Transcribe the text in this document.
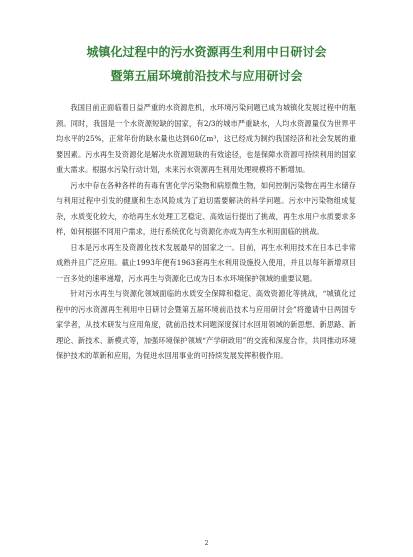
城镇化过程中的污水资源再生利用中日研讨会
暨第五届环境前沿技术与应用研讨会

我国目前正面临着日益严重的水资源危机，水环境污染问题已成为城镇化发展过程中的瓶颈。同时，我国是一个水资源短缺的国家，有2/3的城市严重缺水，人均水资源量仅为世界平均水平的25%，正常年份的缺水量也达到60亿m³，这已经成为制约我国经济和社会发展的重要因素。污水再生及资源化是解决水资源短缺的有效途径，也是保障水资源可持续利用的国家重大需求。根据水污染行动计划，未来污水资源再生利用处理规模将不断增加。

污水中存在各种各样的有毒有害化学污染物和病原微生物，如何控制污染物在再生水储存与利用过程中引发的健康和生态风险成为了迫切需要解决的科学问题。污水中污染物组成复杂，水质变化较大，亦给再生水处理工艺稳定、高效运行提出了挑战，再生水用户水质要求多样，如何根据不同用户需求，进行系统优化与资源化亦成为再生水利用面临的挑战。

日本是污水再生及资源化技术发展最早的国家之一。目前，再生水利用技术在日本已非常成熟并且广泛应用。截止1993年便有1963套再生水利用设施投入使用，并且以每年新增项目一百多处的速率递增，污水再生与资源化已成为日本水环境保护领域的重要议题。

针对污水再生与资源化领域面临的水质安全保障和稳定、高效资源化等挑战，“城镇化过程中的污水资源再生利用中日研讨会暨第五届环境前沿技术与应用研讨会”将邀请中日两国专家学者，从技术研发与应用角度，就前沿技术问题深度探讨水回用领域的新思想、新思路、新理论、新技术、新模式等，加强环境保护领域“产学研政用”的交流和深度合作，共同推动环境保护技术的革新和应用，为促进水回用事业的可持续发展发挥积极作用。

2
